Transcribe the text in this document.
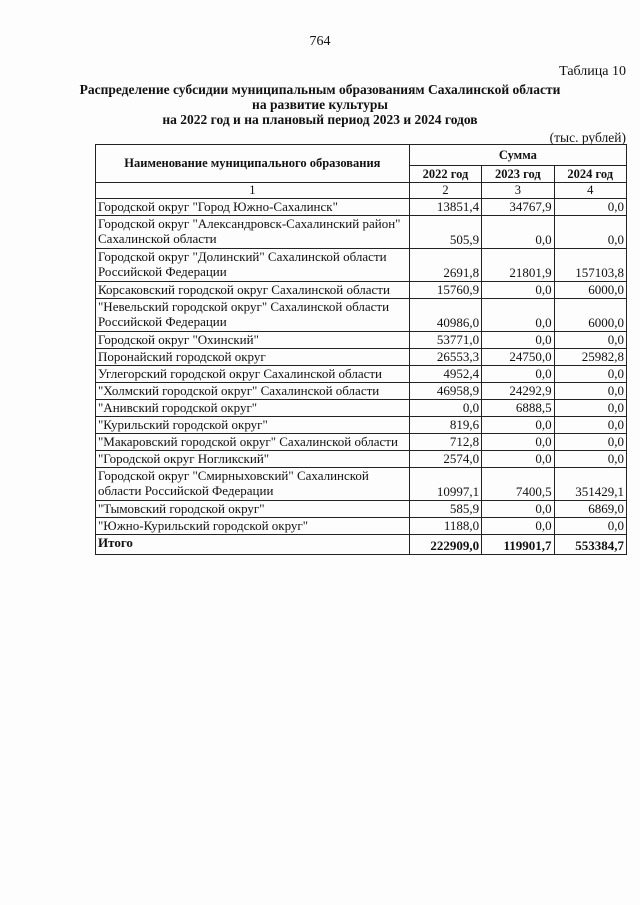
764
Таблица 10
Распределение субсидии муниципальным образованиям Сахалинской области
на развитие культуры
на 2022 год и на плановый период 2023 и 2024 годов
(тыс. рублей)
Наименование муниципального образования	Сумма		
	2022 год	2023 год	2024 год
1	2	3	4
Городской округ "Город Южно-Сахалинск"	13851,4	34767,9	0,0
Городской округ "Александровск-Сахалинский район" Сахалинской области	505,9	0,0	0,0
Городской округ "Долинский" Сахалинской области Российской Федерации	2691,8	21801,9	157103,8
Корсаковский городской округ Сахалинской области	15760,9	0,0	6000,0
"Невельский городской округ" Сахалинской области Российской Федерации	40986,0	0,0	6000,0
Городской округ "Охинский"	53771,0	0,0	0,0
Поронайский городской округ	26553,3	24750,0	25982,8
Углегорский городской округ Сахалинской области	4952,4	0,0	0,0
"Холмский городской округ" Сахалинской области	46958,9	24292,9	0,0
"Анивский городской округ"	0,0	6888,5	0,0
"Курильский городской округ"	819,6	0,0	0,0
"Макаровский городской округ" Сахалинской области	712,8	0,0	0,0
"Городской округ Ногликский"	2574,0	0,0	0,0
Городской округ "Смирныховский" Сахалинской области Российской Федерации	10997,1	7400,5	351429,1
"Тымовский городской округ"	585,9	0,0	6869,0
"Южно-Курильский городской округ"	1188,0	0,0	0,0
Итого	222909,0	119901,7	553384,7
